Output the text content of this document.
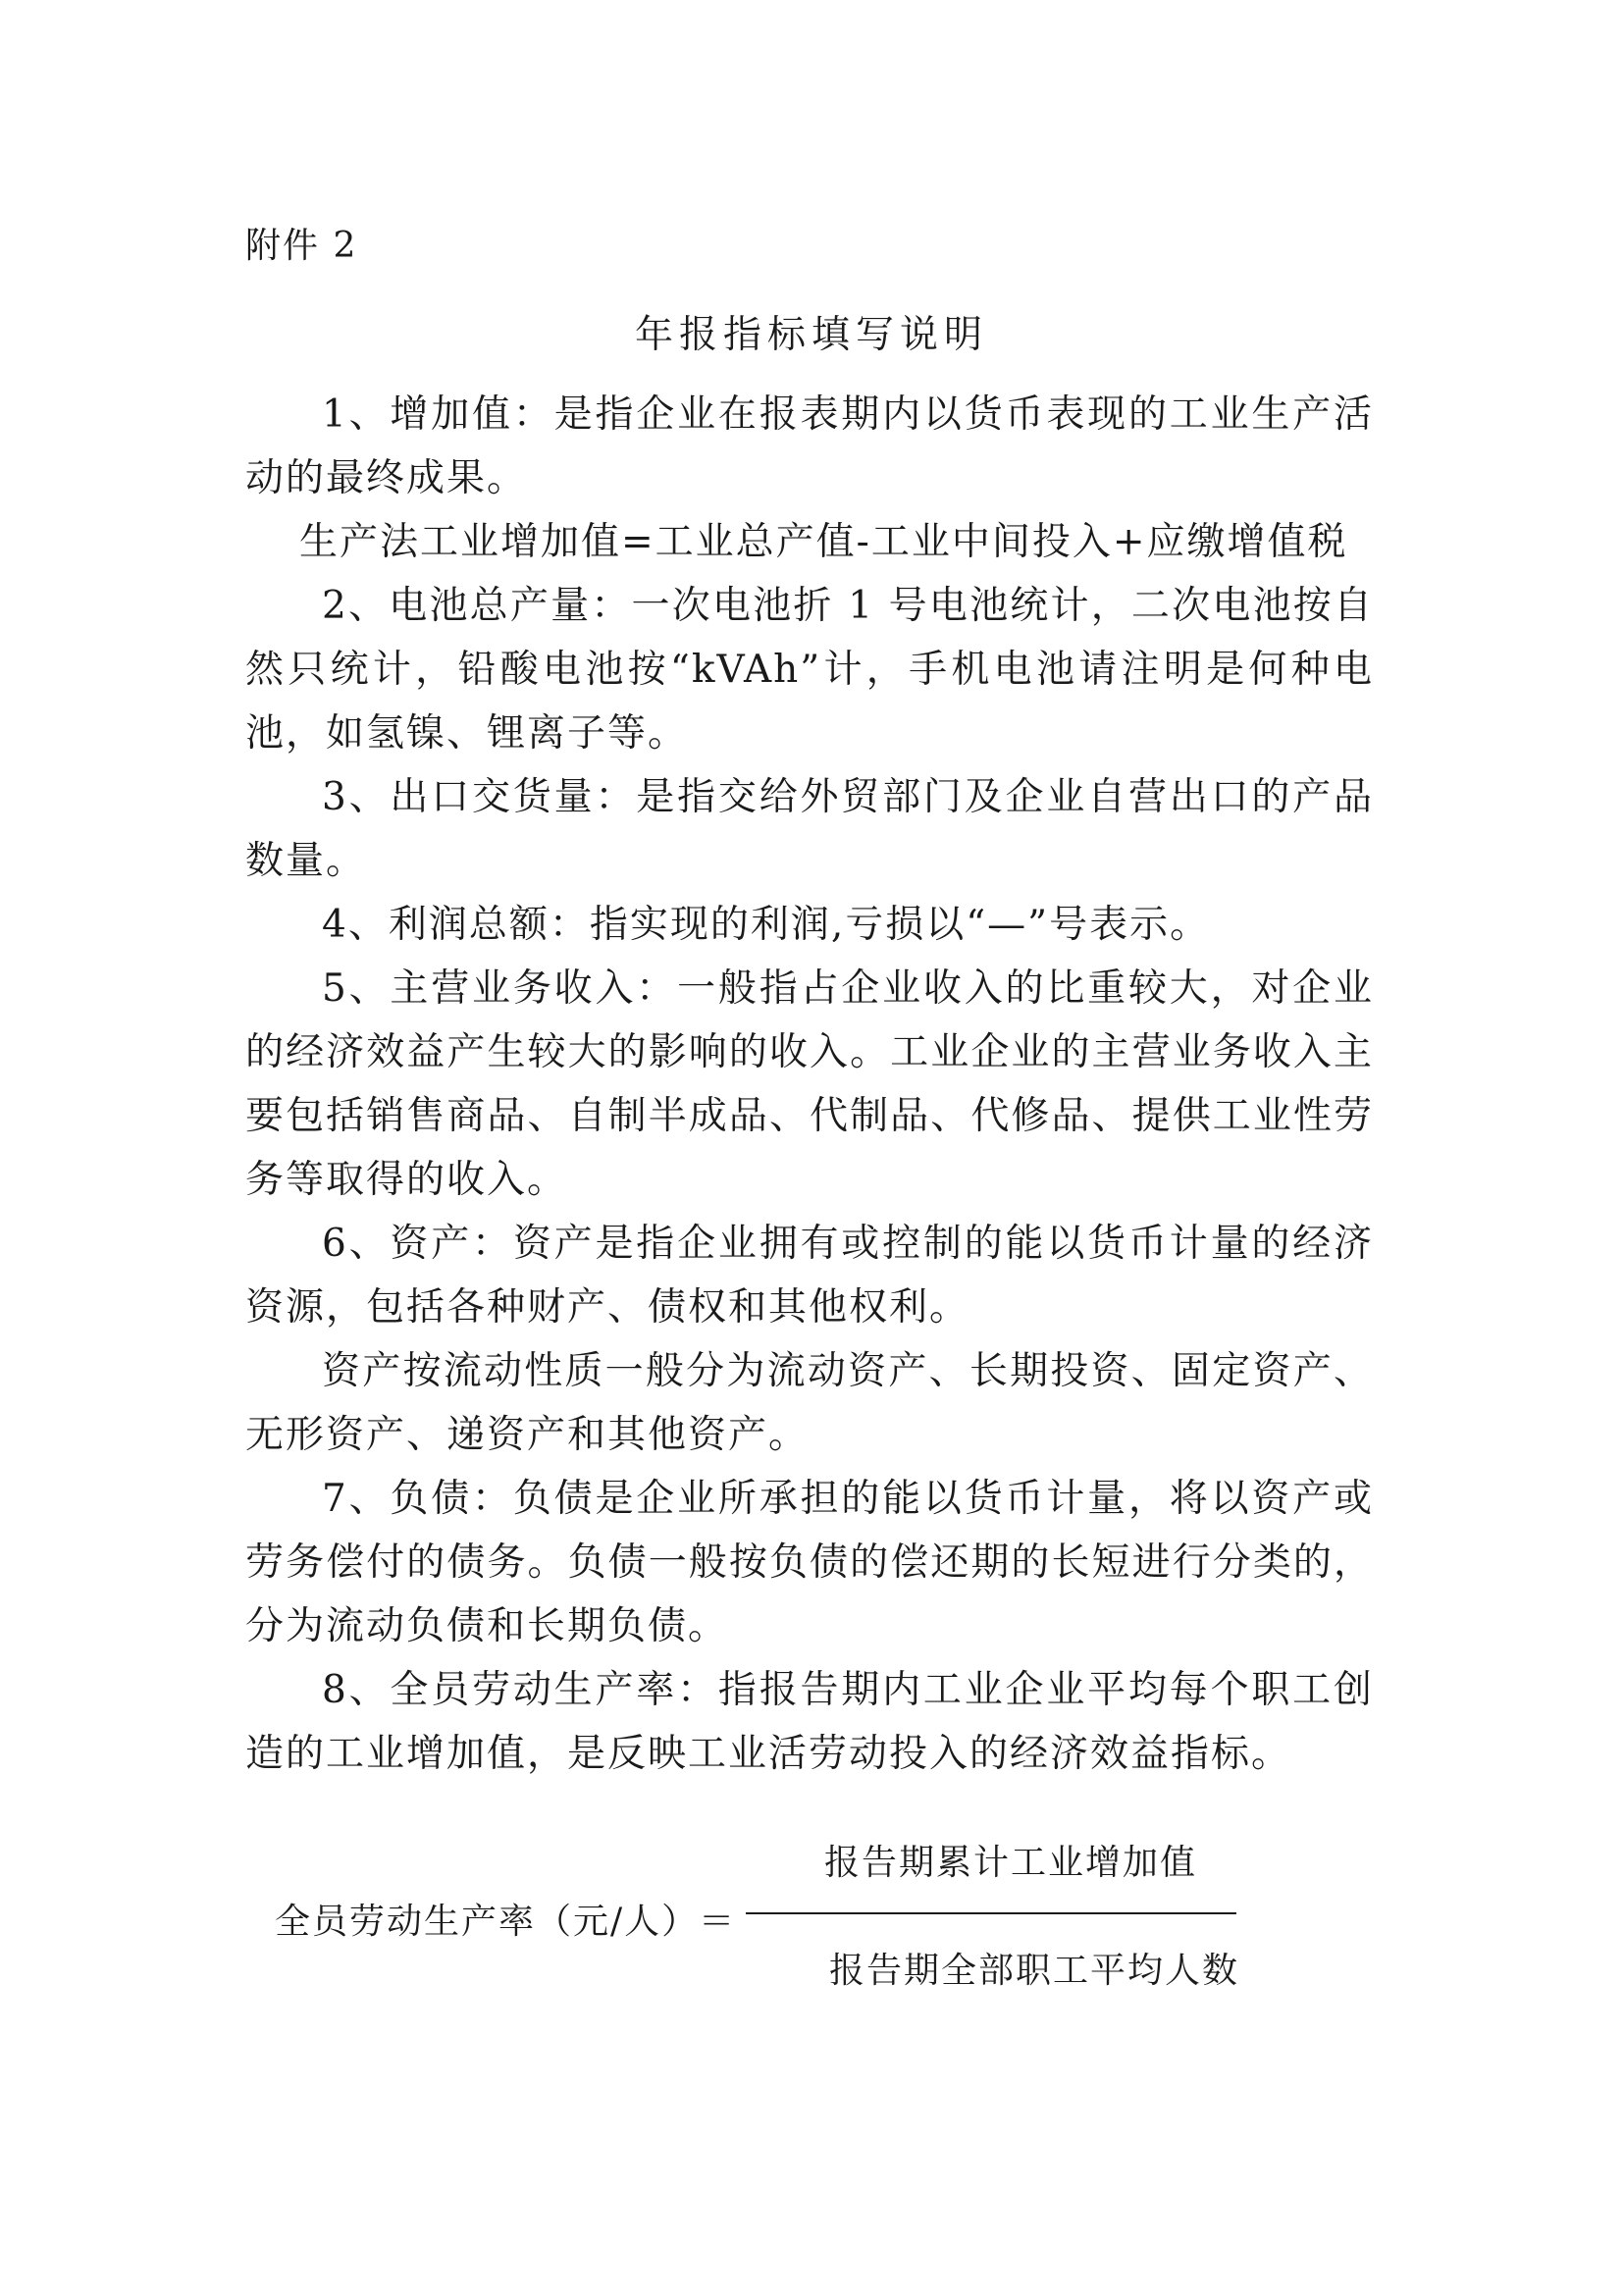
附件 2
年报指标填写说明

1、增加值：是指企业在报表期内以货币表现的工业生产活动的最终成果。

生产法工业增加值=工业总产值-工业中间投入+应缴增值税

2、电池总产量：一次电池折 1 号电池统计，二次电池按自然只统计，铅酸电池按“kVAh”计，手机电池请注明是何种电池，如氢镍、锂离子等。

3、出口交货量：是指交给外贸部门及企业自营出口的产品数量。

4、利润总额：指实现的利润,亏损以“—”号表示。

5、主营业务收入：一般指占企业收入的比重较大，对企业的经济效益产生较大的影响的收入。工业企业的主营业务收入主要包括销售商品、自制半成品、代制品、代修品、提供工业性劳务等取得的收入。

6、资产：资产是指企业拥有或控制的能以货币计量的经济资源，包括各种财产、债权和其他权利。

资产按流动性质一般分为流动资产、长期投资、固定资产、无形资产、递资产和其他资产。

7、负债：负债是企业所承担的能以货币计量，将以资产或劳务偿付的债务。负债一般按负债的偿还期的长短进行分类的，分为流动负债和长期负债。

8、全员劳动生产率：指报告期内工业企业平均每个职工创造的工业增加值，是反映工业活劳动投入的经济效益指标。

全员劳动生产率（元/人）＝
报告期累计工业增加值
报告期全部职工平均人数
